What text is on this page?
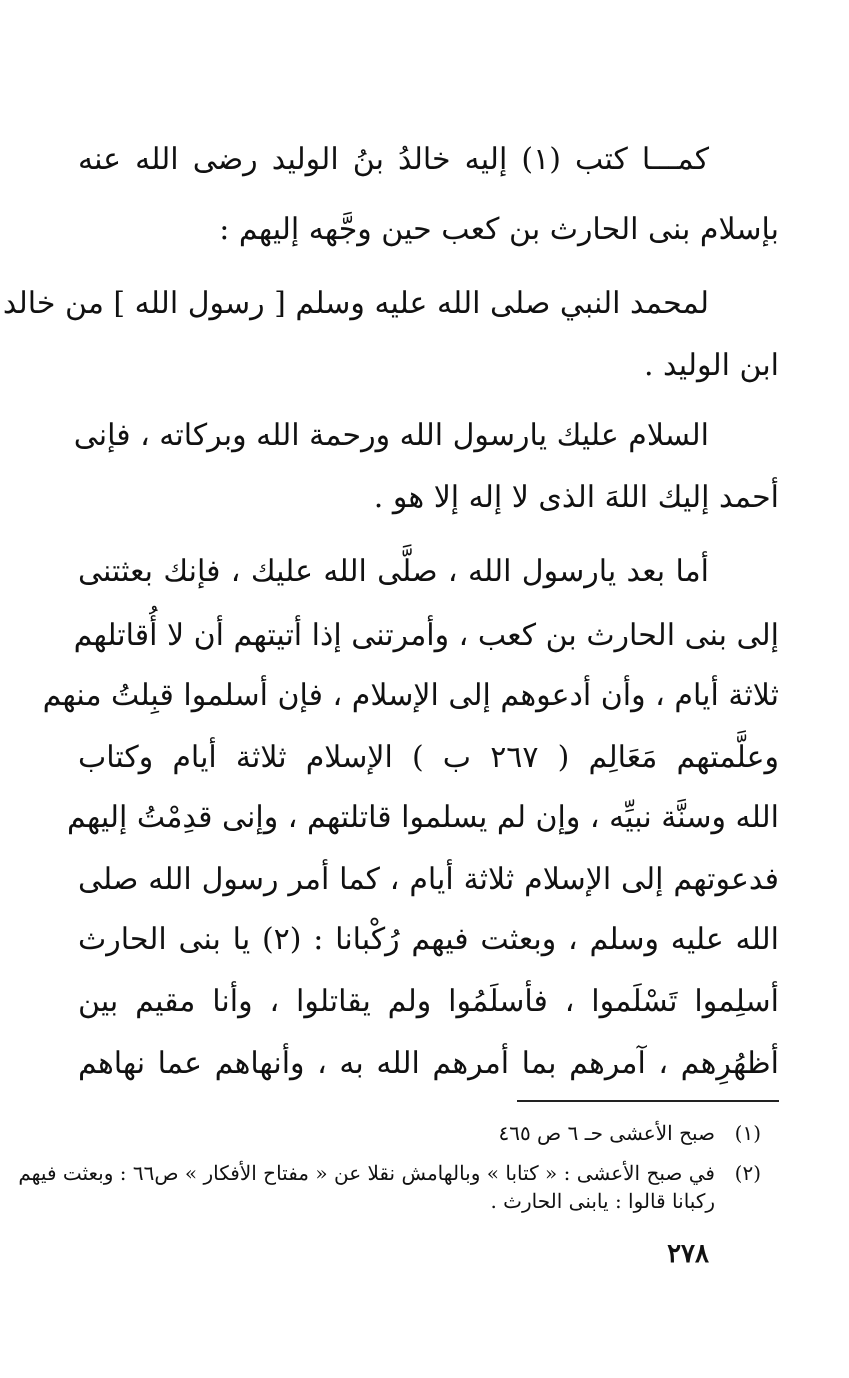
كمـــا كتب (١) إليه خالدُ بنُ الوليد رضى الله عنه
بإسلام بنى الحارث بن كعب حين وجَّهه إليهم :
لمحمد النبي صلى الله عليه وسلم [ رسول الله ] من خالد
ابن الوليد .
السلام عليك يارسول الله ورحمة الله وبركاته ، فإنى
أحمد إليك اللهَ الذى لا إله إلا هو .
أما بعد يارسول الله ، صلَّى الله عليك ، فإنك بعثتنى
إلى بنى الحارث بن كعب ، وأمرتنى إذا أتيتهم أن لا أُقاتلهم
ثلاثة أيام ، وأن أدعوهم إلى الإسلام ، فإن أسلموا قبِلتُ منهم
وعلَّمتهم مَعَالِم ( ٢٦٧ ب ) الإسلام ثلاثة أيام وكتاب
الله وسنَّة نبيِّه ، وإن لم يسلموا قاتلتهم ، وإنى قدِمْتُ إليهم
فدعوتهم إلى الإسلام ثلاثة أيام ، كما أمر رسول الله صلى
الله عليه وسلم ، وبعثت فيهم رُكْبانا : (٢) يا بنى الحارث
أسلِموا تَسْلَموا ، فأسلَمُوا ولم يقاتلوا ، وأنا مقيم بين
أظهُرِهم ، آمرهم بما أمرهم الله به ، وأنهاهم عما نهاهم
(١)صبح الأعشى حـ ٦ ص ٤٦٥
(٢)في صبح الأعشى : « كتابا » وبالهامش نقلا عن « مفتاح الأفكار » ص٦٦ : وبعثت فيهم
ركبانا قالوا : يابنى الحارث .
٢٧٨
